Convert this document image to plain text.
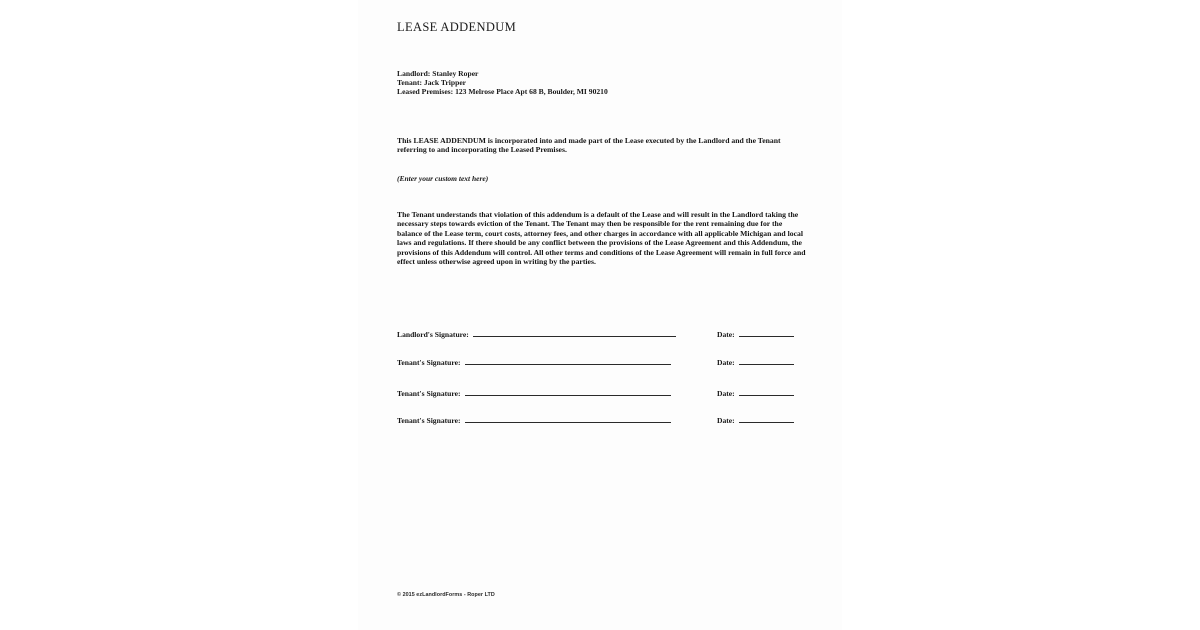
LEASE ADDENDUM
Landlord: Stanley Roper
Tenant: Jack Tripper
Leased Premises: 123 Melrose Place Apt 68 B, Boulder, MI 90210
This LEASE ADDENDUM is incorporated into and made part of the Lease executed by the Landlord and the Tenant referring to and incorporating the Leased Premises.
(Enter your custom text here)
The Tenant understands that violation of this addendum is a default of the Lease and will result in the Landlord taking the necessary steps towards eviction of the Tenant. The Tenant may then be responsible for the rent remaining due for the balance of the Lease term, court costs, attorney fees, and other charges in accordance with all applicable Michigan and local laws and regulations. If there should be any conflict between the provisions of the Lease Agreement and this Addendum, the provisions of this Addendum will control. All other terms and conditions of the Lease Agreement will remain in full force and effect unless otherwise agreed upon in writing by the parties.
Landlord's Signature:	Date:
Tenant's Signature:	Date:
Tenant's Signature:	Date:
Tenant's Signature:	Date:
© 2015 ezLandlordForms - Roper LTD
